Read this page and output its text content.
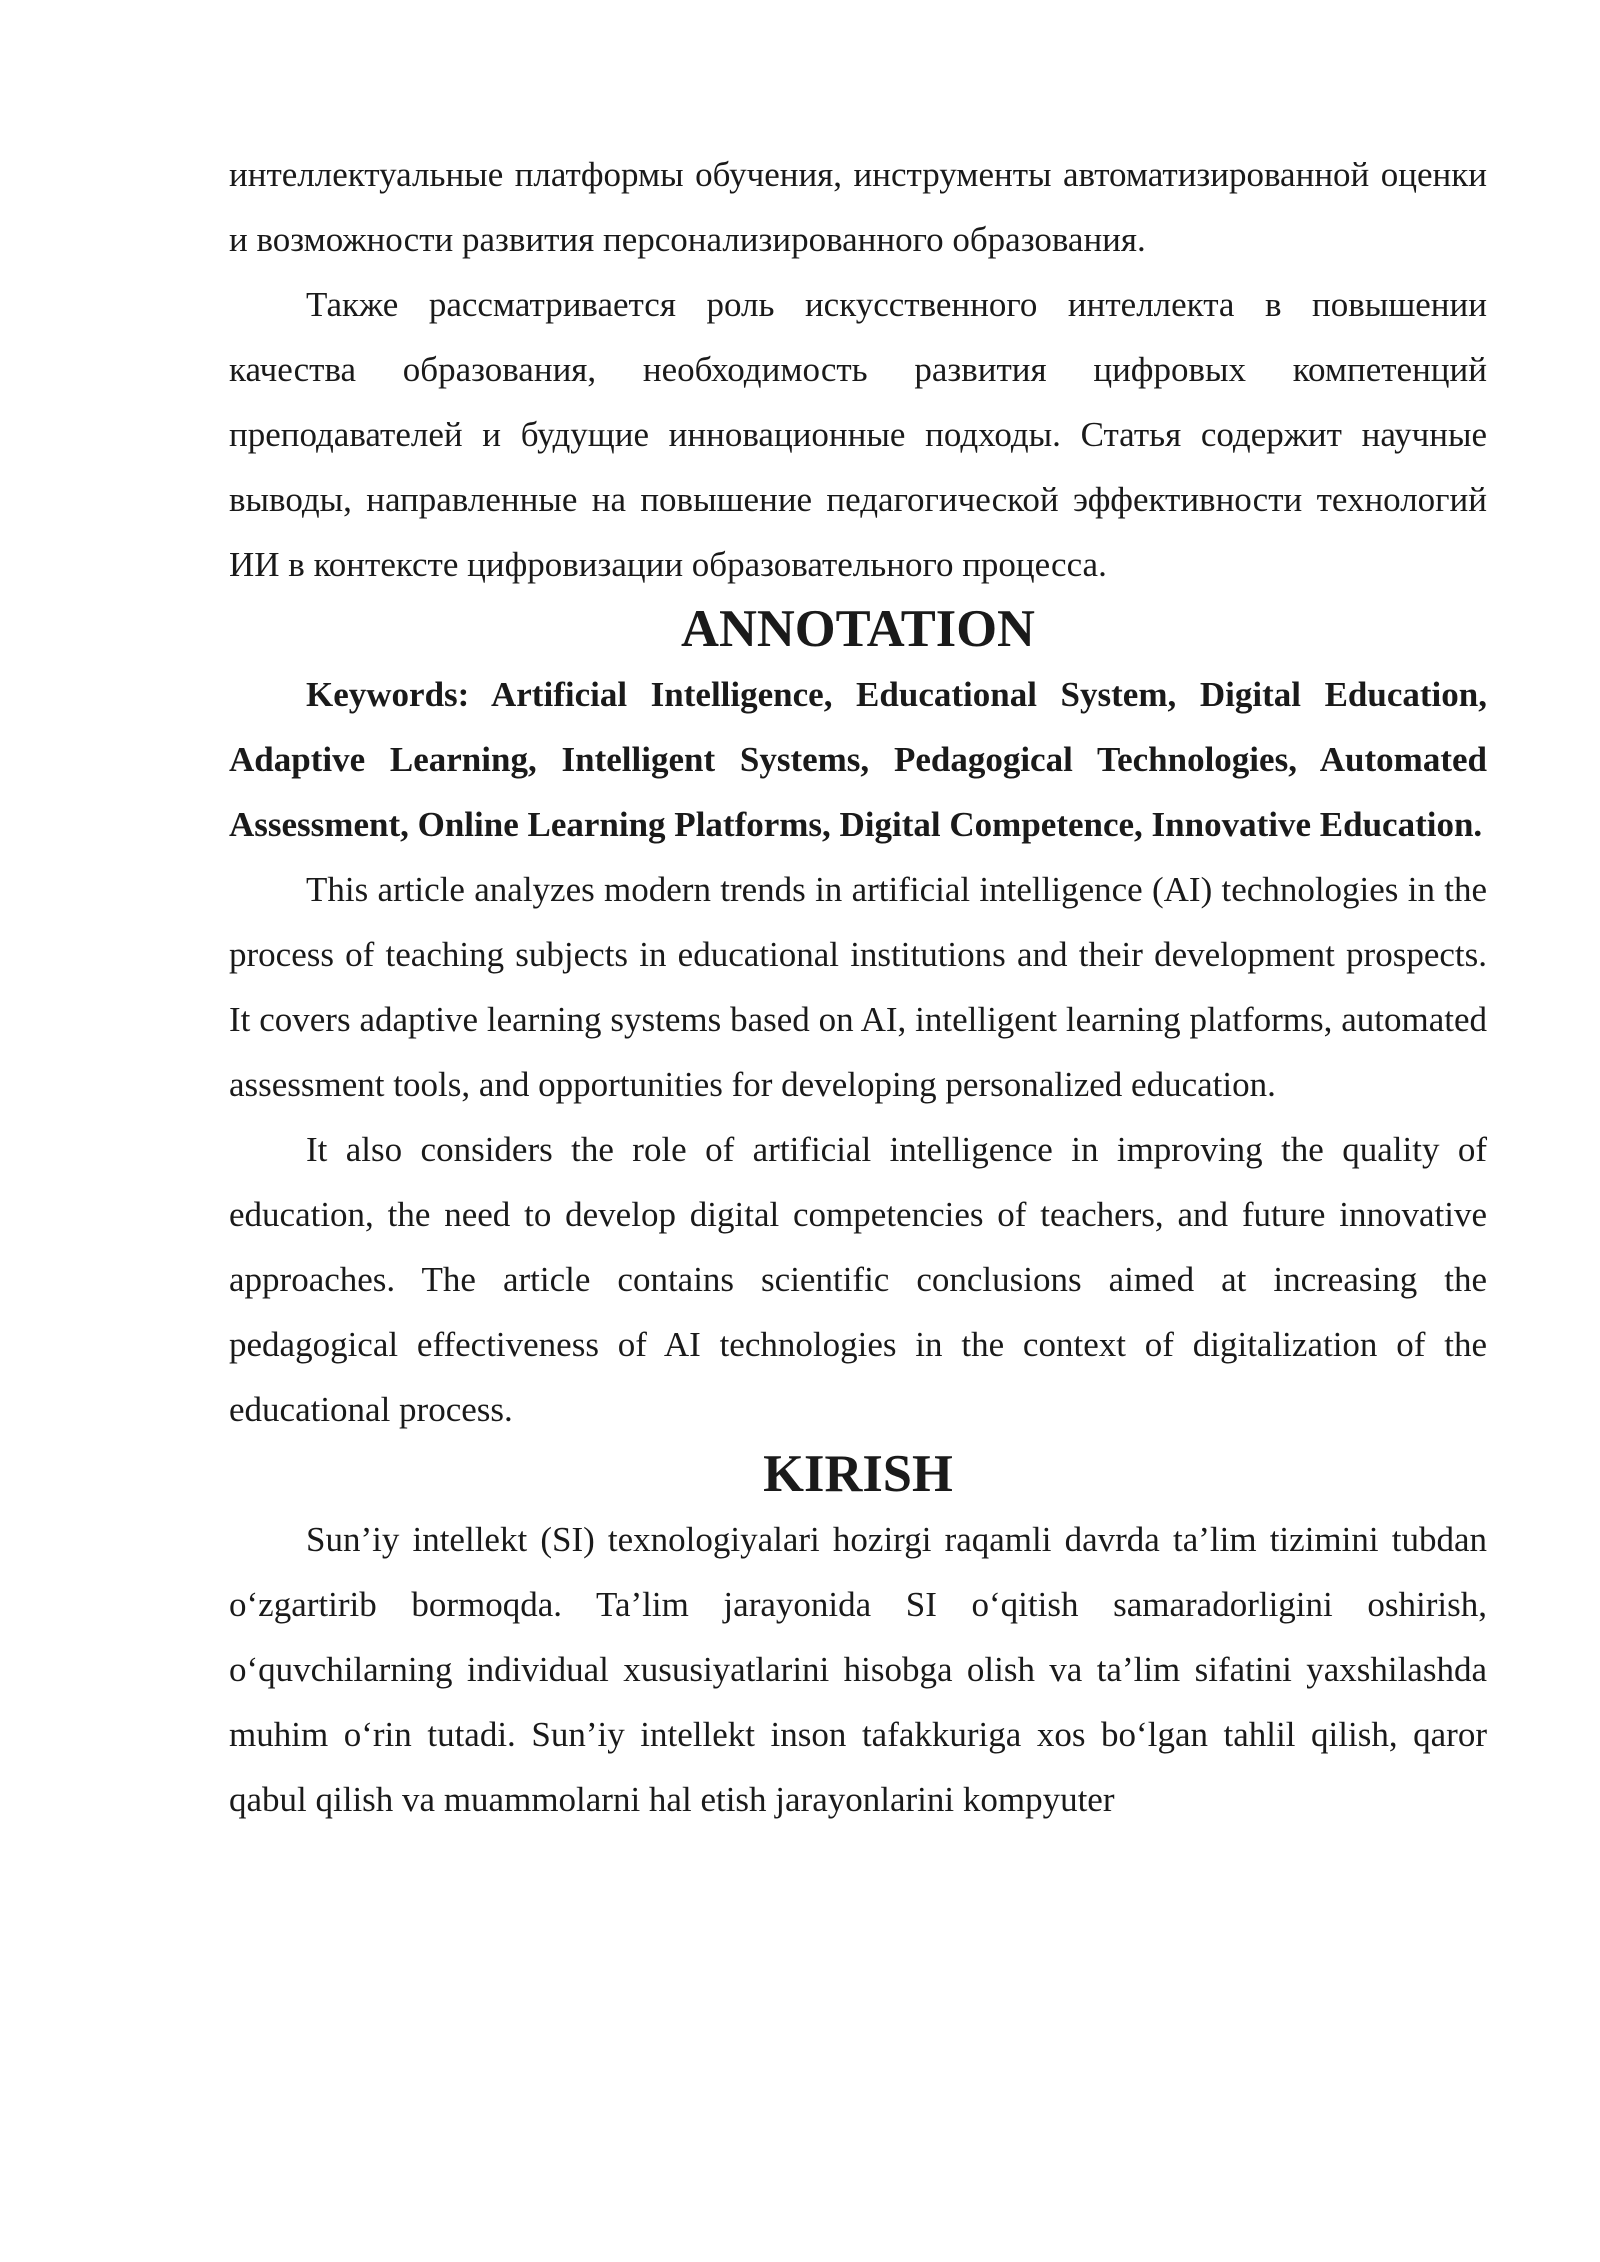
интеллектуальные платформы обучения, инструменты автоматизированной оценки и возможности развития персонализированного образования.

Также рассматривается роль искусственного интеллекта в повышении качества образования, необходимость развития цифровых компетенций преподавателей и будущие инновационные подходы. Статья содержит научные выводы, направленные на повышение педагогической эффективности технологий ИИ в контексте цифровизации образовательного процесса.

ANNOTATION

Keywords: Artificial Intelligence, Educational System, Digital Education, Adaptive Learning, Intelligent Systems, Pedagogical Technologies, Automated Assessment, Online Learning Platforms, Digital Competence, Innovative Education.

This article analyzes modern trends in artificial intelligence (AI) technologies in the process of teaching subjects in educational institutions and their development prospects. It covers adaptive learning systems based on AI, intelligent learning platforms, automated assessment tools, and opportunities for developing personalized education.

It also considers the role of artificial intelligence in improving the quality of education, the need to develop digital competencies of teachers, and future innovative approaches. The article contains scientific conclusions aimed at increasing the pedagogical effectiveness of AI technologies in the context of digitalization of the educational process.

KIRISH

Sun’iy intellekt (SI) texnologiyalari hozirgi raqamli davrda ta’lim tizimini tubdan o‘zgartirib bormoqda. Ta’lim jarayonida SI o‘qitish samaradorligini oshirish, o‘quvchilarning individual xususiyatlarini hisobga olish va ta’lim sifatini yaxshilashda muhim o‘rin tutadi. Sun’iy intellekt inson tafakkuriga xos bo‘lgan tahlil qilish, qaror qabul qilish va muammolarni hal etish jarayonlarini kompyuter
